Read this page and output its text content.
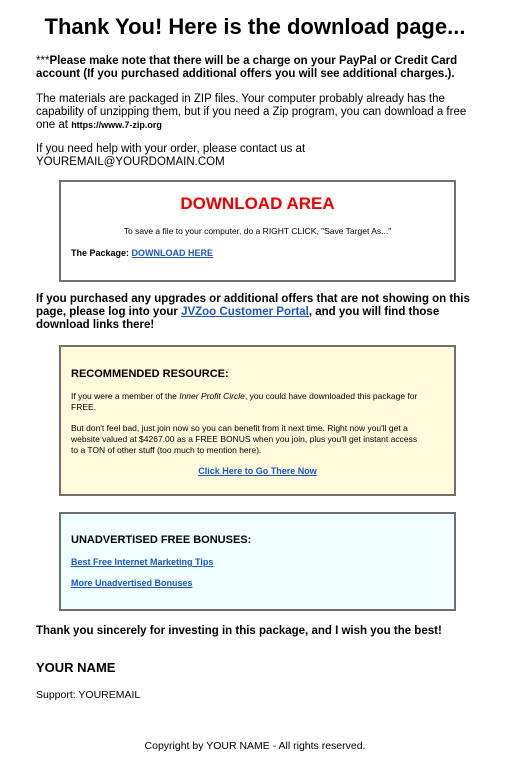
Thank You! Here is the download page...

***Please make note that there will be a charge on your PayPal or Credit Card account (If you purchased additional offers you will see additional charges.).

The materials are packaged in ZIP files. Your computer probably already has the capability of unzipping them, but if you need a Zip program, you can download a free one at https://www.7-zip.org

If you need help with your order, please contact us at
YOUREMAIL@YOURDOMAIN.COM

DOWNLOAD AREA
To save a file to your computer, do a RIGHT CLICK, "Save Target As..."
The Package: DOWNLOAD HERE

If you purchased any upgrades or additional offers that are not showing on this page, please log into your JVZoo Customer Portal, and you will find those download links there!

RECOMMENDED RESOURCE:
If you were a member of the Inner Profit Circle, you could have downloaded this package for FREE.
But don't feel bad, just join now so you can benefit from it next time. Right now you'll get a website valued at $4267.00 as a FREE BONUS when you join, plus you'll get instant access to a TON of other stuff (too much to mention here).
Click Here to Go There Now
UNADVERTISED FREE BONUSES:
Best Free Internet Marketing Tips
More Unadvertised Bonuses

Thank you sincerely for investing in this package, and I wish you the best!

YOUR NAME

Support: YOUREMAIL

Copyright by YOUR NAME - All rights reserved.
